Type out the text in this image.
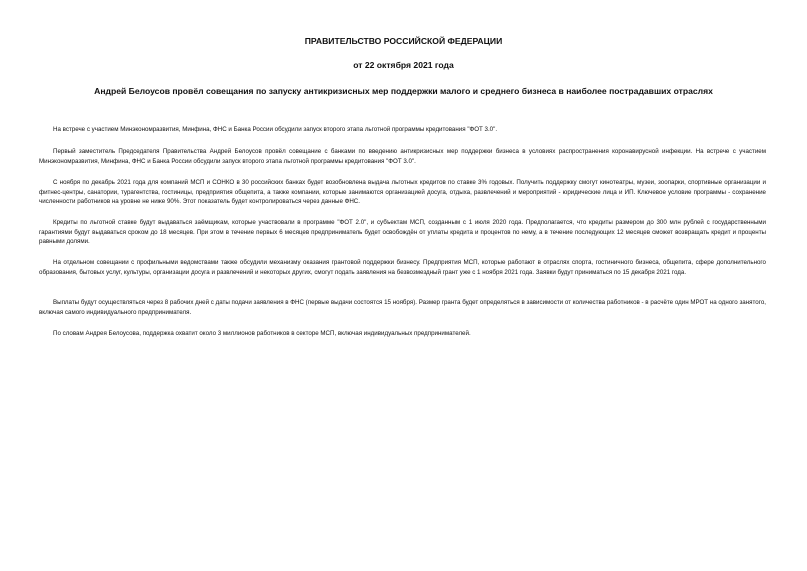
ПРАВИТЕЛЬСТВО РОССИЙСКОЙ ФЕДЕРАЦИИ

от 22 октября 2021 года

Андрей Белоусов провёл совещания по запуску антикризисных мер поддержки малого и среднего бизнеса в наиболее пострадавших отраслях

На встрече с участием Минэкономразвития, Минфина, ФНС и Банка России обсудили запуск второго этапа льготной программы кредитования "ФОТ 3.0".

Первый заместитель Председателя Правительства Андрей Белоусов провёл совещание с банками по введению антикризисных мер поддержки бизнеса в условиях распространения коронавирусной инфекции. На встрече с участием Минэкономразвития, Минфина, ФНС и Банка России обсудили запуск второго этапа льготной программы кредитования "ФОТ 3.0".

С ноября по декабрь 2021 года для компаний МСП и СОНКО в 30 российских банках будет возобновлена выдача льготных кредитов по ставке 3% годовых. Получить поддержку смогут кинотеатры, музеи, зоопарки, спортивные организации и фитнес-центры, санатории, турагентства, гостиницы, предприятия общепита, а также компании, которые занимаются организацией досуга, отдыха, развлечений и мероприятий - юридические лица и ИП. Ключевое условие программы - сохранение численности работников на уровне не ниже 90%. Этот показатель будет контролироваться через данные ФНС.

Кредиты по льготной ставке будут выдаваться заёмщикам, которые участвовали в программе "ФОТ 2.0", и субъектам МСП, созданным с 1 июля 2020 года. Предполагается, что кредиты размером до 300 млн рублей с государственными гарантиями будут выдаваться сроком до 18 месяцев. При этом в течение первых 6 месяцев предприниматель будет освобождён от уплаты кредита и процентов по нему, а в течение последующих 12 месяцев сможет возвращать кредит и проценты равными долями.

На отдельном совещании с профильными ведомствами также обсудили механизму оказания грантовой поддержки бизнесу. Предприятия МСП, которые работают в отраслях спорта, гостиничного бизнеса, общепита, сфере дополнительного образования, бытовых услуг, культуры, организации досуга и развлечений и некоторых других, смогут подать заявления на безвозмездный грант уже с 1 ноября 2021 года. Заявки будут приниматься по 15 декабря 2021 года.

Выплаты будут осуществляться через 8 рабочих дней с даты подачи заявления в ФНС (первые выдачи состоятся 15 ноября). Размер гранта будет определяться в зависимости от количества работников - в расчёте один МРОТ на одного занятого, включая самого индивидуального предпринимателя.

По словам Андрея Белоусова, поддержка охватит около 3 миллионов работников в секторе МСП, включая индивидуальных предпринимателей.
